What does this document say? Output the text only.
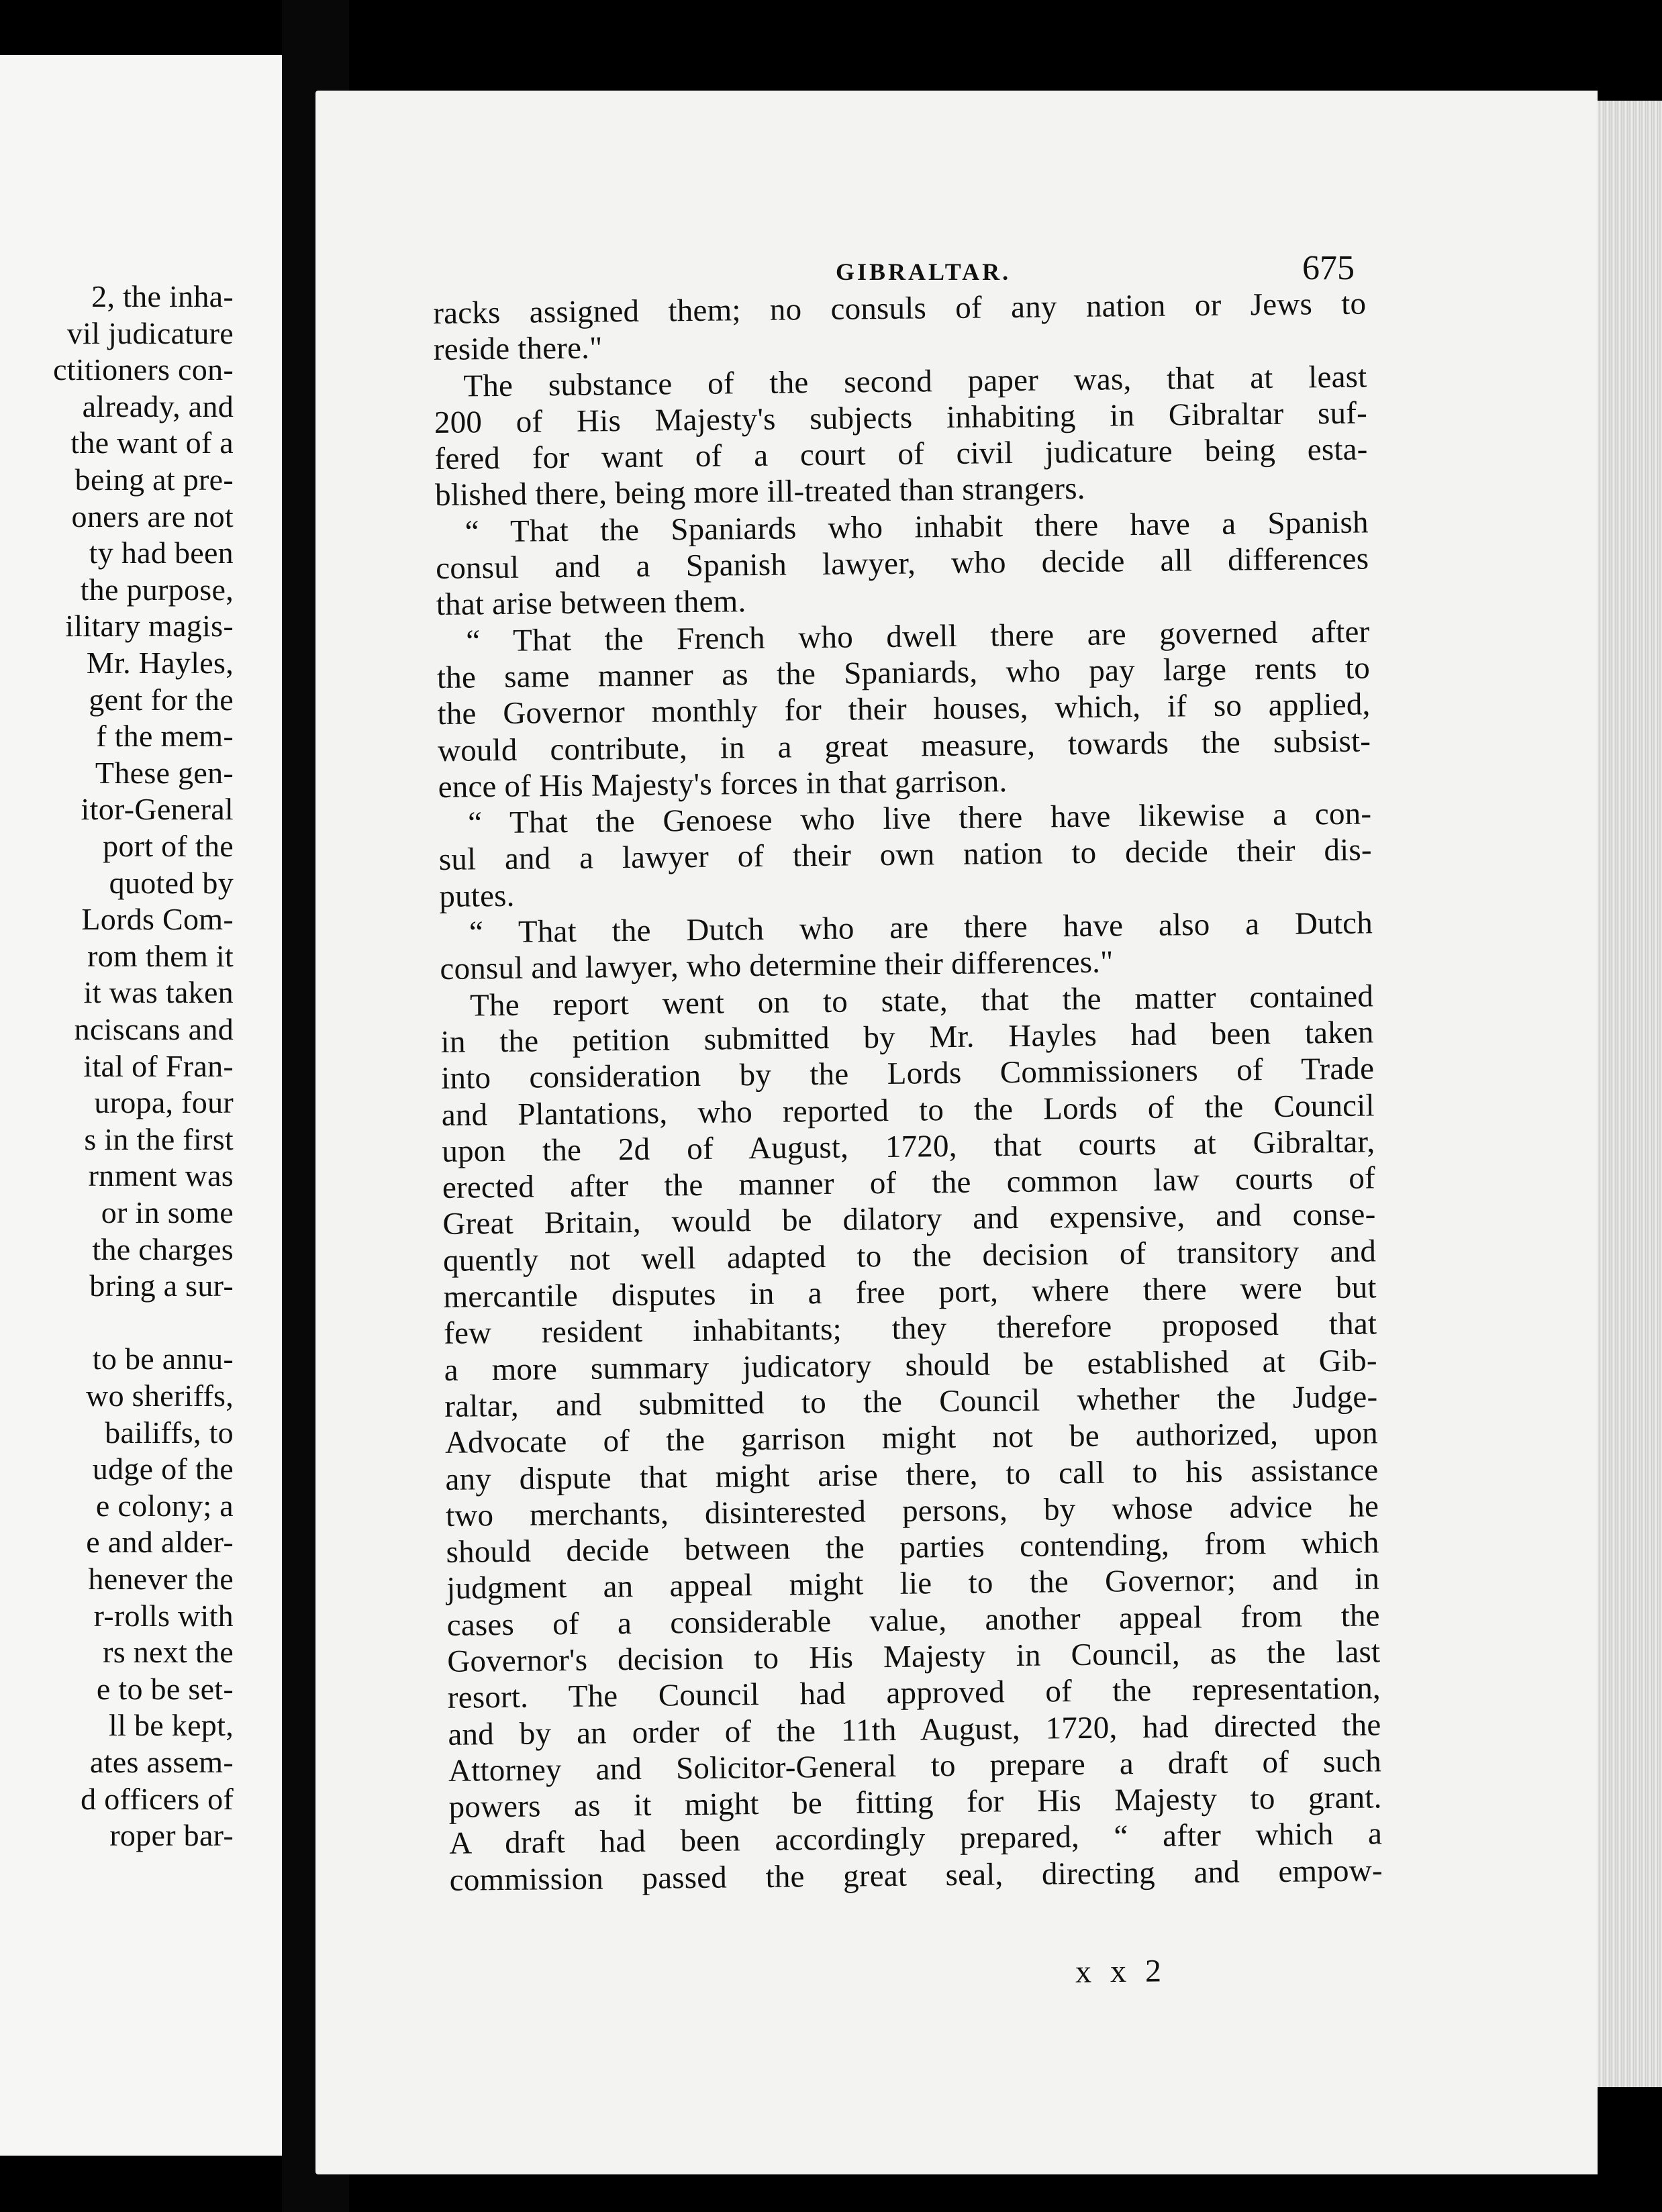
2, the inha-
vil judicature
ctitioners con-
already, and
the want of a
being at pre-
oners are not
ty had been
the purpose,
ilitary magis-
Mr. Hayles,
gent for the
f the mem-
These gen-
itor-General
port of the
quoted by
Lords Com-
rom them it
it was taken
nciscans and
ital of Fran-
uropa, four
s in the first
rnment was
or in some
the charges
bring a sur-
to be annu-
wo sheriffs,
bailiffs, to
udge of the
e colony; a
e and alder-
henever the
r-rolls with
rs next the
e to be set-
ll be kept,
ates assem-
d officers of
roper bar-
GIBRALTAR.	675
racks assigned them; no consuls of any nation or Jews to
reside there."
The substance of the second paper was, that at least
200 of His Majesty's subjects inhabiting in Gibraltar suf-
fered for want of a court of civil judicature being esta-
blished there, being more ill-treated than strangers.
“ That the Spaniards who inhabit there have a Spanish
consul and a Spanish lawyer, who decide all differences
that arise between them.
“ That the French who dwell there are governed after
the same manner as the Spaniards, who pay large rents to
the Governor monthly for their houses, which, if so applied,
would contribute, in a great measure, towards the subsist-
ence of His Majesty's forces in that garrison.
“ That the Genoese who live there have likewise a con-
sul and a lawyer of their own nation to decide their dis-
putes.
“ That the Dutch who are there have also a Dutch
consul and lawyer, who determine their differences."
The report went on to state, that the matter contained
in the petition submitted by Mr. Hayles had been taken
into consideration by the Lords Commissioners of Trade
and Plantations, who reported to the Lords of the Council
upon the 2d of August, 1720, that courts at Gibraltar,
erected after the manner of the common law courts of
Great Britain, would be dilatory and expensive, and conse-
quently not well adapted to the decision of transitory and
mercantile disputes in a free port, where there were but
few resident inhabitants; they therefore proposed that
a more summary judicatory should be established at Gib-
raltar, and submitted to the Council whether the Judge-
Advocate of the garrison might not be authorized, upon
any dispute that might arise there, to call to his assistance
two merchants, disinterested persons, by whose advice he
should decide between the parties contending, from which
judgment an appeal might lie to the Governor; and in
cases of a considerable value, another appeal from the
Governor's decision to His Majesty in Council, as the last
resort. The Council had approved of the representation,
and by an order of the 11th August, 1720, had directed the
Attorney and Solicitor-General to prepare a draft of such
powers as it might be fitting for His Majesty to grant.
A draft had been accordingly prepared, “ after which a
commission passed the great seal, directing and empow-
x x 2
